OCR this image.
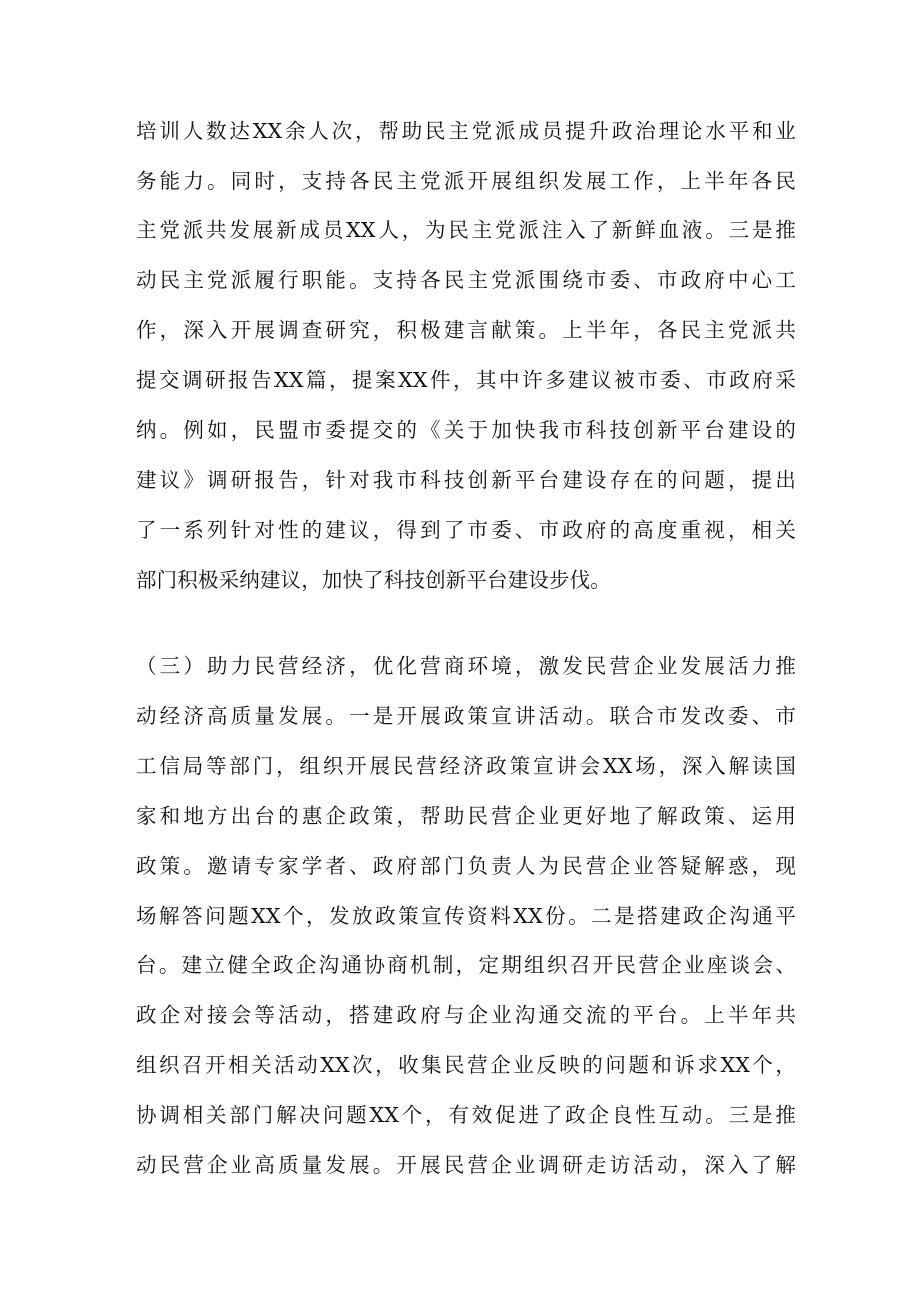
培训人数达XX余人次，帮助民主党派成员提升政治理论水平和业
务能力。同时，支持各民主党派开展组织发展工作，上半年各民
主党派共发展新成员XX人，为民主党派注入了新鲜血液。三是推
动民主党派履行职能。支持各民主党派围绕市委、市政府中心工
作，深入开展调查研究，积极建言献策。上半年，各民主党派共
提交调研报告XX篇，提案XX件，其中许多建议被市委、市政府采
纳。例如，民盟市委提交的《关于加快我市科技创新平台建设的
建议》调研报告，针对我市科技创新平台建设存在的问题，提出
了一系列针对性的建议，得到了市委、市政府的高度重视，相关
部门积极采纳建议，加快了科技创新平台建设步伐。
（三）助力民营经济，优化营商环境，激发民营企业发展活力推
动经济高质量发展。一是开展政策宣讲活动。联合市发改委、市
工信局等部门，组织开展民营经济政策宣讲会XX场，深入解读国
家和地方出台的惠企政策，帮助民营企业更好地了解政策、运用
政策。邀请专家学者、政府部门负责人为民营企业答疑解惑，现
场解答问题XX个，发放政策宣传资料XX份。二是搭建政企沟通平
台。建立健全政企沟通协商机制，定期组织召开民营企业座谈会、
政企对接会等活动，搭建政府与企业沟通交流的平台。上半年共
组织召开相关活动XX次，收集民营企业反映的问题和诉求XX个，
协调相关部门解决问题XX个，有效促进了政企良性互动。三是推
动民营企业高质量发展。开展民营企业调研走访活动，深入了解
